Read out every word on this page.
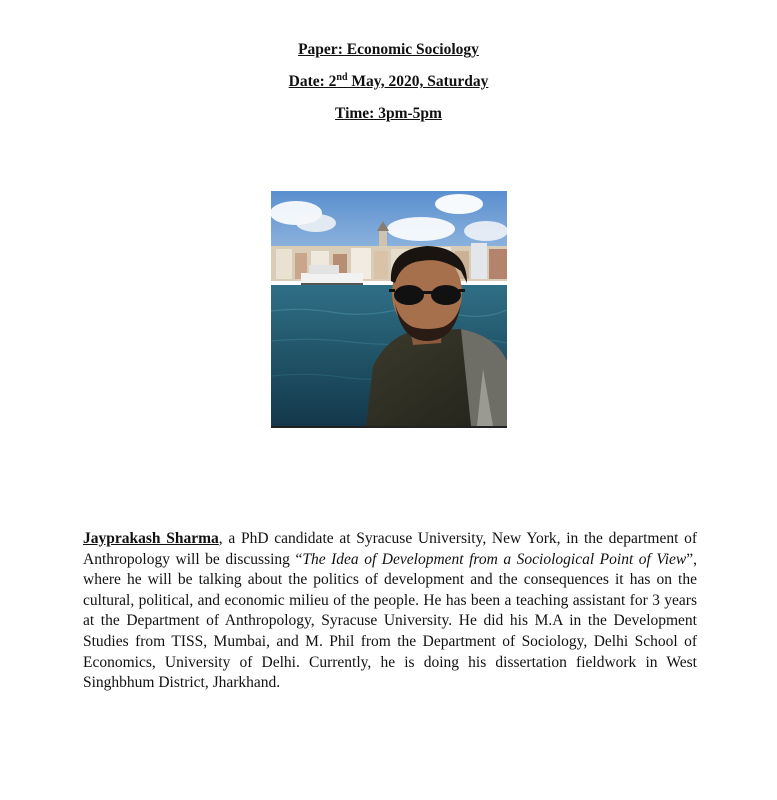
Paper: Economic Sociology

Date: 2nd May, 2020, Saturday

Time: 3pm-5pm

Jayprakash Sharma, a PhD candidate at Syracuse University, New York, in the department of Anthropology will be discussing “The Idea of Development from a Sociological Point of View”, where he will be talking about the politics of development and the consequences it has on the cultural, political, and economic milieu of the people. He has been a teaching assistant for 3 years at the Department of Anthropology, Syracuse University. He did his M.A in the Development Studies from TISS, Mumbai, and M. Phil from the Department of Sociology, Delhi School of Economics, University of Delhi. Currently, he is doing his dissertation fieldwork in West Singhbhum District, Jharkhand.
